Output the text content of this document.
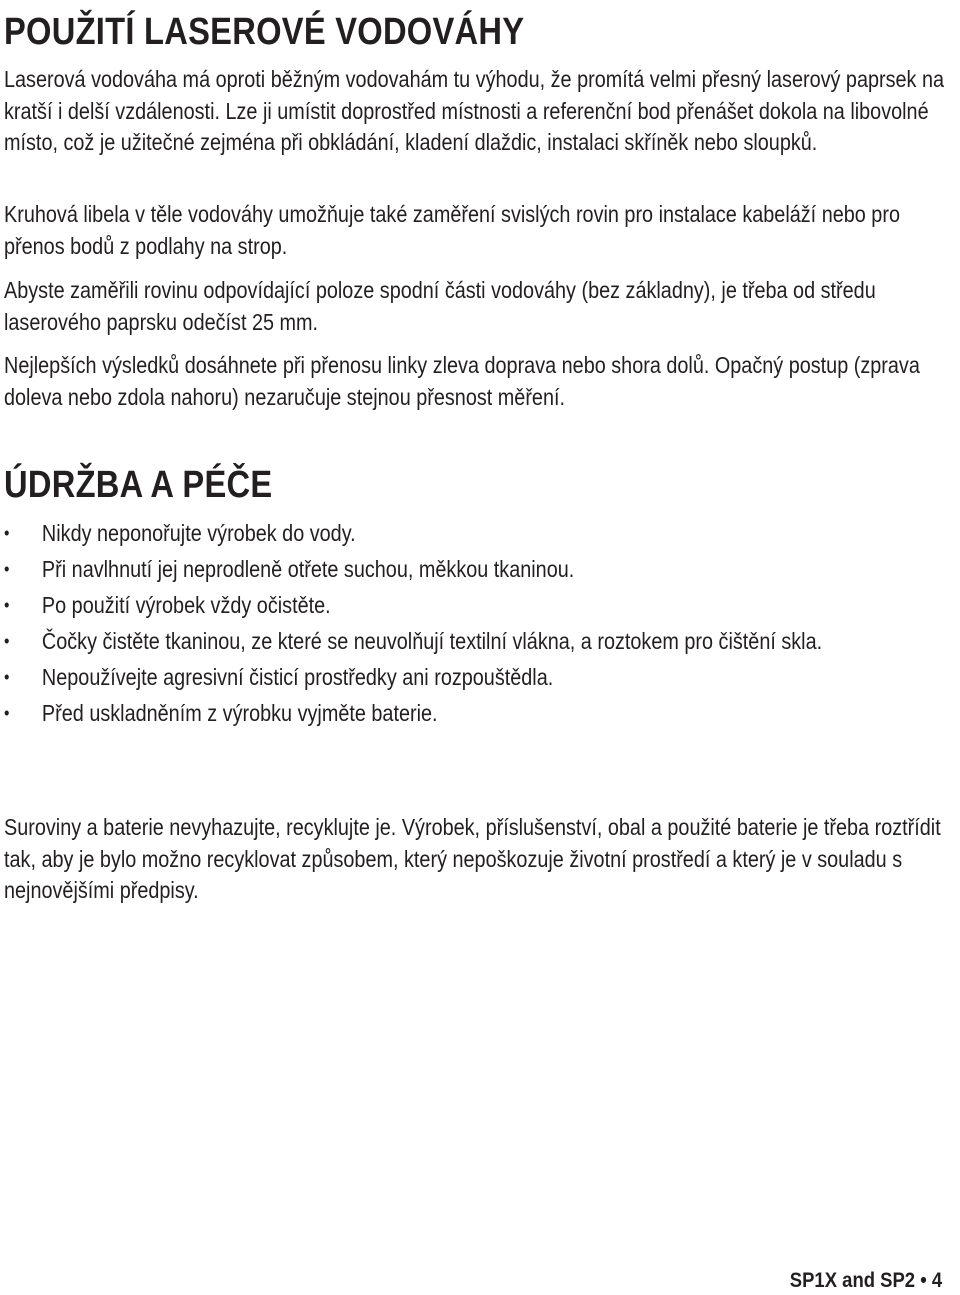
POUŽITÍ LASEROVÉ VODOVÁHY

Laserová vodováha má oproti běžným vodovahám tu výhodu, že promítá velmi přesný laserový paprsek na kratší i delší vzdálenosti. Lze ji umístit doprostřed místnosti a referenční bod přenášet dokola na libovolné místo, což je užitečné zejména při obkládání, kladení dlaždic, instalaci skříněk nebo sloupků.

Kruhová libela v těle vodováhy umožňuje také zaměření svislých rovin pro instalace kabeláží nebo pro přenos bodů z podlahy na strop.

Abyste zaměřili rovinu odpovídající poloze spodní části vodováhy (bez základny), je třeba od středu laserového paprsku odečíst 25 mm.

Nejlepších výsledků dosáhnete při přenosu linky zleva doprava nebo shora dolů. Opačný postup (zprava doleva nebo zdola nahoru) nezaručuje stejnou přesnost měření.

ÚDRŽBA A PÉČE
•	Nikdy neponořujte výrobek do vody.
•	Při navlhnutí jej neprodleně otřete suchou, měkkou tkaninou.
•	Po použití výrobek vždy očistěte.
•	Čočky čistěte tkaninou, ze které se neuvolňují textilní vlákna, a roztokem pro čištění skla.
•	Nepoužívejte agresivní čisticí prostředky ani rozpouštědla.
•	Před uskladněním z výrobku vyjměte baterie.

Suroviny a baterie nevyhazujte, recyklujte je. Výrobek, příslušenství, obal a použité baterie je třeba roztřídit tak, aby je bylo možno recyklovat způsobem, který nepoškozuje životní prostředí a který je v souladu s nejnovějšími předpisy.

SP1X and SP2 • 4
